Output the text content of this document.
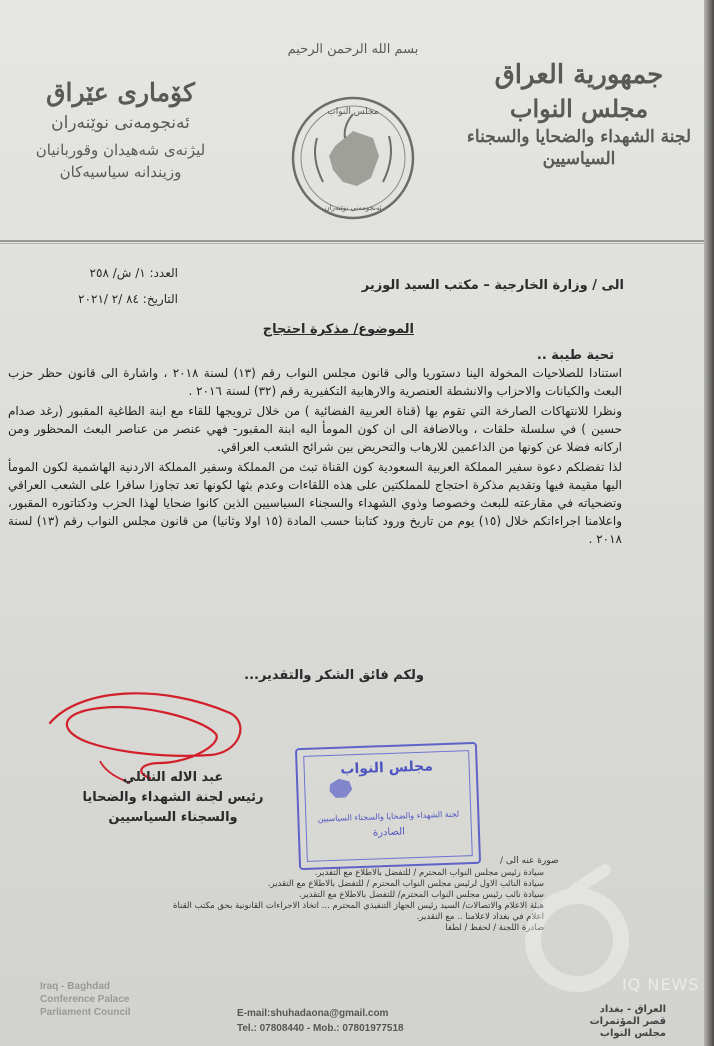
جمهورية العراق
مجلس النواب
لجنة الشهداء والضحايا والسجناء
السياسيين
كۆماری عێراق
ئەنجومەنی نوێنەران
لیژنەی شەهیدان وقوربانیان
وزیندانە سیاسیەکان
بسم الله الرحمن الرحيم
مجلس النواب
ئەنجومەنی نوێنەران
العدد: ١/ ش/ ٢٥٨
التاريخ: ٨٤ /٢ /٢٠٢١
الى / وزارة الخارجية – مكتب السيد الوزير
الموضوع/ مذكرة احتجاج
تحية طيبة ..

استنادا للصلاحيات المخولة الينا دستوريا والى قانون مجلس النواب رقم (١٣) لسنة ٢٠١٨ ، واشارة الى قانون حظر حزب البعث والكيانات والاحزاب والانشطة العنصرية والارهابية التكفيرية رقم (٣٢) لسنة ٢٠١٦ .

ونظرا للانتهاكات الصارخة التي تقوم بها (قناة العربية الفضائية ) من خلال ترويجها للقاء مع ابنة الطاغية المقبور (رغد صدام حسين ) في سلسلة حلقات ، وبالاضافة الى ان كون المومأ اليه ابنة المقبور- فهي عنصر من عناصر البعث المحظور ومن اركانه فضلا عن كونها من الداعمين للارهاب والتحريض بين شرائح الشعب العراقي.

لذا تفضلكم دعوة سفير المملكة العربية السعودية كون القناة تبث من المملكة وسفير المملكة الاردنية الهاشمية لكون المومأ اليها مقيمة فيها وتقديم مذكرة احتجاج للمملكتين على هذه اللقاءات وعدم بثها لكونها تعد تجاوزا سافرا على الشعب العراقي وتضحياته في مقارعته للبعث وخصوصا وذوي الشهداء والسجناء السياسيين الذين كانوا ضحايا لهذا الحزب ودكتاتوره المقبور، واعلامنا اجراءاتكم خلال (١٥) يوم من تاريخ ورود كتابنا حسب المادة (١٥ اولا وثانيا) من قانون مجلس النواب رقم (١٣) لسنة ٢٠١٨ .

ولكم فائق الشكر والتقدير...
عبد الاله النائلي
رئيس لجنة الشهداء والضحايا
والسجناء السياسيين
مجلس النواب
لجنة الشهداء والضحايا والسجناء السياسيين
الصادرة
صورة عنه الى /
سيادة رئيس مجلس النواب المحترم / للتفضل بالاطلاع مع التقدير.
سيادة النائب الاول لرئيس مجلس النواب المحترم / للتفضل بالاطلاع مع التقدير.
سيادة نائب رئيس مجلس النواب المحترم/ للتفضل بالاطلاع مع التقدير.
هيئة الاعلام والاتصالات/ السيد رئيس الجهاز التنفيذي المحترم ... اتخاذ الاجراءات القانونية بحق مكتب القناة
اعلام في بغداد لاعلامنا .. مع التقدير.
صادرة اللجنة / لحفظ / لطفا
IQ NEWS
Iraq - Baghdad
Conference Palace
Parliament Council	E-mail:shuhadaona@gmail.com
Tel.: 07808440 - Mob.: 07801977518
العراق - بغداد
قصر المؤتمرات
مجلس النواب
